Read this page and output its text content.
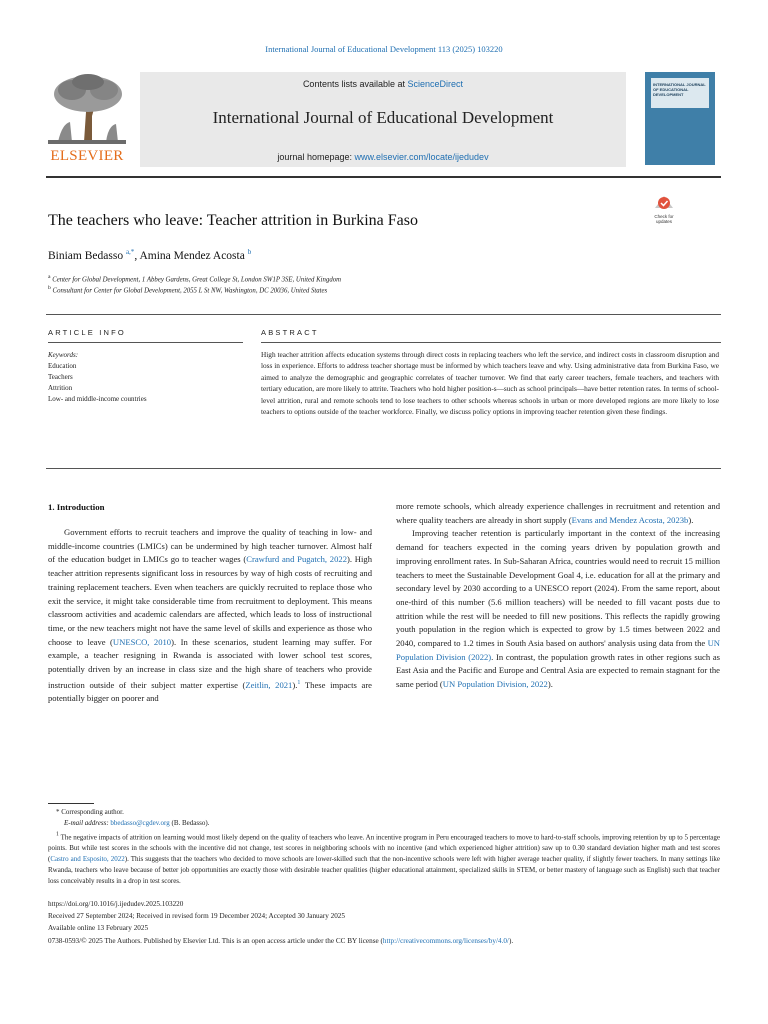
International Journal of Educational Development 113 (2025) 103220
ELSEVIER
Contents lists available at ScienceDirect
International Journal of Educational Development
journal homepage: www.elsevier.com/locate/ijedudev
INTERNATIONAL JOURNAL OF EDUCATIONAL DEVELOPMENT
The teachers who leave: Teacher attrition in Burkina Faso	Check for updates
Biniam Bedasso $^{a,*}$, Amina Mendez Acosta $^b$
$^a$ Center for Global Development, 1 Abbey Gardens, Great College St, London SW1P 3SE, United Kingdom
$^b$ Consultant for Center for Global Development, 2055 L St NW, Washington, DC 20036, United States
ARTICLE INFO	ABSTRACT
Keywords:
Education
Teachers
Attrition
Low- and middle-income countries
High teacher attrition affects education systems through direct costs in replacing teachers who left the service, and indirect costs in classroom disruption and loss in experience. Efforts to address teacher shortage must be informed by which teachers leave and why. Using administrative data from Burkina Faso, we aimed to analyze the demographic and geographic correlates of teacher turnover. We find that early career teachers, female teachers, and teachers with tertiary education, are more likely to attrite. Teachers who hold higher position-s—such as school principals—have better retention rates. In terms of school-level attrition, rural and remote schools tend to lose teachers to other schools whereas schools in urban or more developed regions are more likely to lose teachers to options outside of the teacher workforce. Finally, we discuss policy options in improving teacher retention given these findings.
1. Introduction

Government efforts to recruit teachers and improve the quality of teaching in low- and middle-income countries (LMICs) can be undermined by high teacher turnover. Almost half of the education budget in LMICs go to teacher wages (Crawfurd and Pugatch, 2022). High teacher attrition represents significant loss in resources by way of high costs of recruiting and training replacement teachers. Even when teachers are quickly recruited to replace those who exit the service, it might take considerable time from recruitment to deployment. This means classroom activities and academic calendars are affected, which leads to loss of instructional time, or the new teachers might not have the same level of skills and experience as those who choose to leave (UNESCO, 2010). In these scenarios, student learning may suffer. For example, a teacher resigning in Rwanda is associated with lower school test scores, potentially driven by an increase in class size and the high share of teachers who provide instruction outside of their subject matter expertise (Zeitlin, 2021).$^1$ These impacts are potentially bigger on poorer and

more remote schools, which already experience challenges in recruitment and retention and where quality teachers are already in short supply (Evans and Mendez Acosta, 2023b).

Improving teacher retention is particularly important in the context of the increasing demand for teachers expected in the coming years driven by population growth and improving enrollment rates. In Sub-Saharan Africa, countries would need to recruit 15 million teachers to meet the Sustainable Development Goal 4, i.e. education for all at the primary and secondary level by 2030 according to a UNESCO report (2024). From the same report, about one-third of this number (5.6 million teachers) will be needed to fill vacant posts due to attrition while the rest will be needed to fill new positions. This reflects the rapidly growing youth population in the region which is expected to grow by 1.5 times between 2022 and 2040, compared to 1.2 times in South Asia based on authors' analysis using data from the UN Population Division (2022). In contrast, the population growth rates in other regions such as East Asia and the Pacific and Europe and Central Asia are expected to remain stagnant for the same period (UN Population Division, 2022).

* Corresponding author.
E-mail address: bbedasso@cgdev.org (B. Bedasso).
$^1$ The negative impacts of attrition on learning would most likely depend on the quality of teachers who leave. An incentive program in Peru encouraged teachers to move to hard-to-staff schools, improving retention by up to 5 percentage points. But while test scores in the schools with the incentive did not change, test scores in neighboring schools with no incentive (and which experienced higher attrition) saw up to 0.30 standard deviation higher math and test scores (Castro and Esposito, 2022). This suggests that the teachers who decided to move schools are lower-skilled such that the non-incentive schools were left with higher average teacher quality, if slightly fewer teachers. In many settings like Rwanda, teachers who leave because of better job opportunities are exactly those with desirable teacher qualities (higher educational attainment, specialized skills in STEM, or better mastery of language such as English) such that teacher loss conceivably results in a drop in test scores.
https://doi.org/10.1016/j.ijedudev.2025.103220
Received 27 September 2024; Received in revised form 19 December 2024; Accepted 30 January 2025
Available online 13 February 2025
0738-0593/© 2025 The Authors. Published by Elsevier Ltd. This is an open access article under the CC BY license (http://creativecommons.org/licenses/by/4.0/).
